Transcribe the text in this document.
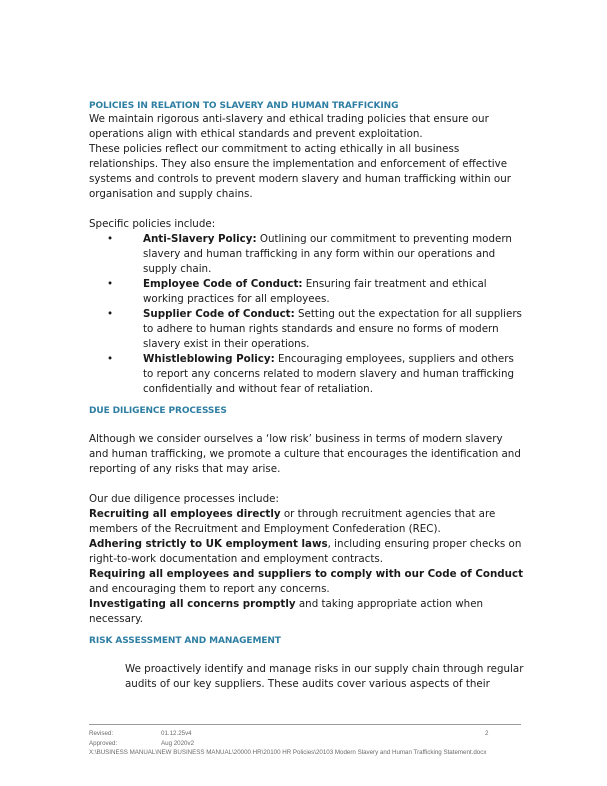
POLICIES IN RELATION TO SLAVERY AND HUMAN TRAFFICKING

We maintain rigorous anti-slavery and ethical trading policies that ensure our operations align with ethical standards and prevent exploitation.

These policies reflect our commitment to acting ethically in all business relationships. They also ensure the implementation and enforcement of effective systems and controls to prevent modern slavery and human trafficking within our organisation and supply chains.

Specific policies include:

•	Anti-Slavery Policy: Outlining our commitment to preventing modern slavery and human trafficking in any form within our operations and supply chain.
•	Employee Code of Conduct: Ensuring fair treatment and ethical working practices for all employees.
•	Supplier Code of Conduct: Setting out the expectation for all suppliers to adhere to human rights standards and ensure no forms of modern slavery exist in their operations.
•	Whistleblowing Policy: Encouraging employees, suppliers and others to report any concerns related to modern slavery and human trafficking confidentially and without fear of retaliation.
DUE DILIGENCE PROCESSES

Although we consider ourselves a ‘low risk’ business in terms of modern slavery and human trafficking, we promote a culture that encourages the identification and reporting of any risks that may arise.

Our due diligence processes include:

Recruiting all employees directly or through recruitment agencies that are members of the Recruitment and Employment Confederation (REC).

Adhering strictly to UK employment laws, including ensuring proper checks on right-to-work documentation and employment contracts.

Requiring all employees and suppliers to comply with our Code of Conduct and encouraging them to report any concerns.

Investigating all concerns promptly and taking appropriate action when necessary.

RISK ASSESSMENT AND MANAGEMENT

We proactively identify and manage risks in our supply chain through regular audits of our key suppliers. These audits cover various aspects of their

Revised:	01.12.25v4	2
Approved:	Aug 2020v2
X:\BUSINESS MANUAL\NEW BUSINESS MANUAL\20000 HR\20100 HR Policies\20103 Modern Slavery and Human Trafficking Statement.docx
